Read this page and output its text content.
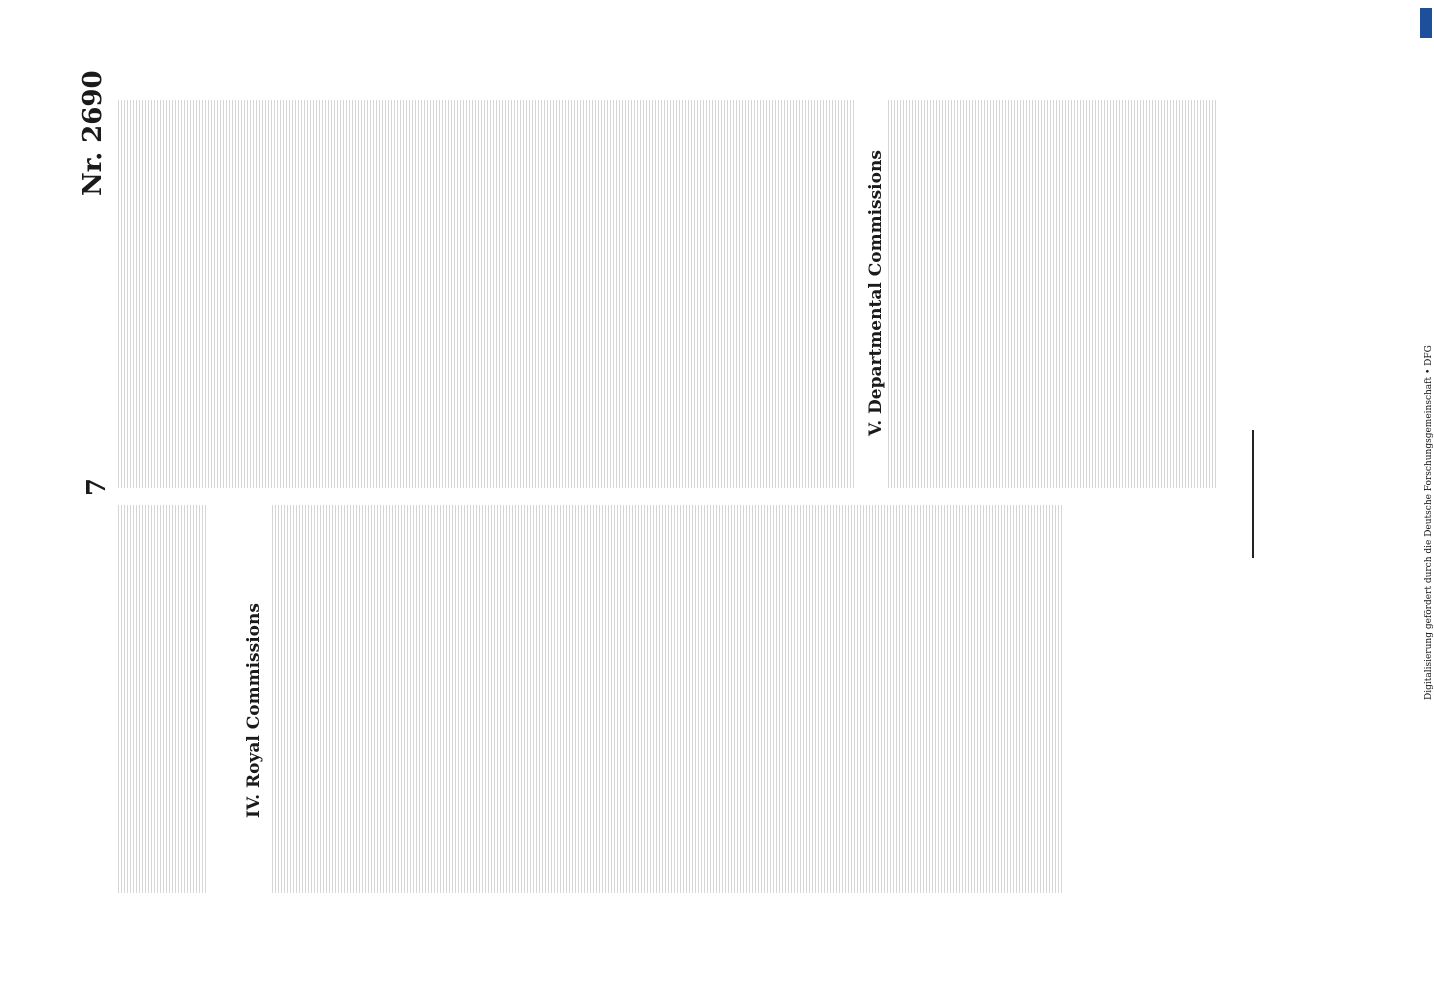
7
Nr. 2690
IV. Royal Commissions
V. Departmental Commissions
Digitalisierung gefördert durch die Deutsche Forschungsgemeinschaft • DFG
